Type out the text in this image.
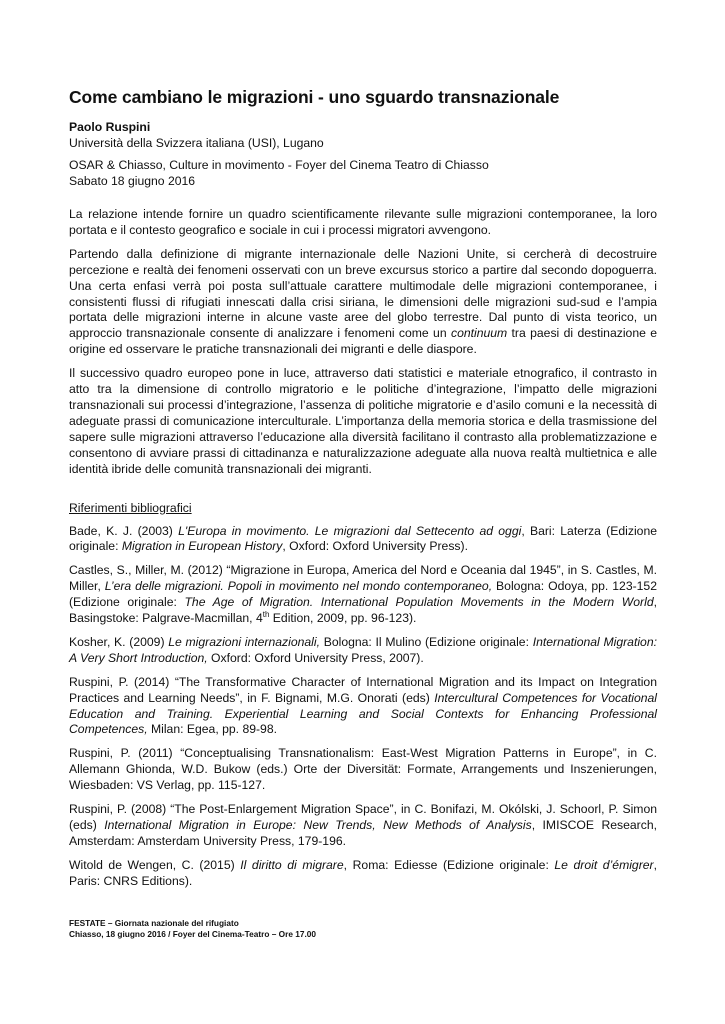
Come cambiano le migrazioni - uno sguardo transnazionale

Paolo Ruspini

Università della Svizzera italiana (USI), Lugano

OSAR & Chiasso, Culture in movimento - Foyer del Cinema Teatro di Chiasso

Sabato 18 giugno 2016

La relazione intende fornire un quadro scientificamente rilevante sulle migrazioni contemporanee, la loro portata e il contesto geografico e sociale in cui i processi migratori avvengono.

Partendo dalla definizione di migrante internazionale delle Nazioni Unite, si cercherà di decostruire percezione e realtà dei fenomeni osservati con un breve excursus storico a partire dal secondo dopoguerra. Una certa enfasi verrà poi posta sull’attuale carattere multimodale delle migrazioni contemporanee, i consistenti flussi di rifugiati innescati dalla crisi siriana, le dimensioni delle migrazioni sud-sud e l’ampia portata delle migrazioni interne in alcune vaste aree del globo terrestre. Dal punto di vista teorico, un approccio transnazionale consente di analizzare i fenomeni come un continuum tra paesi di destinazione e origine ed osservare le pratiche transnazionali dei migranti e delle diaspore.

Il successivo quadro europeo pone in luce, attraverso dati statistici e materiale etnografico, il contrasto in atto tra la dimensione di controllo migratorio e le politiche d’integrazione, l’impatto delle migrazioni transnazionali sui processi d’integrazione, l’assenza di politiche migratorie e d’asilo comuni e la necessità di adeguate prassi di comunicazione interculturale. L’importanza della memoria storica e della trasmissione del sapere sulle migrazioni attraverso l’educazione alla diversità facilitano il contrasto alla problematizzazione e consentono di avviare prassi di cittadinanza e naturalizzazione adeguate alla nuova realtà multietnica e alle identità ibride delle comunità transnazionali dei migranti.

Riferimenti bibliografici

Bade, K. J. (2003) L'Europa in movimento. Le migrazioni dal Settecento ad oggi, Bari: Laterza (Edizione originale: Migration in European History, Oxford: Oxford University Press).

Castles, S., Miller, M. (2012) “Migrazione in Europa, America del Nord e Oceania dal 1945”, in S. Castles, M. Miller, L’era delle migrazioni. Popoli in movimento nel mondo contemporaneo, Bologna: Odoya, pp. 123-152 (Edizione originale: The Age of Migration. International Population Movements in the Modern World, Basingstoke: Palgrave-Macmillan, 4th Edition, 2009, pp. 96-123).

Kosher, K. (2009) Le migrazioni internazionali, Bologna: Il Mulino (Edizione originale: International Migration: A Very Short Introduction, Oxford: Oxford University Press, 2007).

Ruspini, P. (2014) “The Transformative Character of International Migration and its Impact on Integration Practices and Learning Needs”, in F. Bignami, M.G. Onorati (eds) Intercultural Competences for Vocational Education and Training. Experiential Learning and Social Contexts for Enhancing Professional Competences, Milan: Egea, pp. 89-98.

Ruspini, P. (2011) “Conceptualising Transnationalism: East-West Migration Patterns in Europe”, in C. Allemann Ghionda, W.D. Bukow (eds.) Orte der Diversität: Formate, Arrangements und Inszenierungen, Wiesbaden: VS Verlag, pp. 115-127.

Ruspini, P. (2008) “The Post-Enlargement Migration Space”, in C. Bonifazi, M. Okólski, J. Schoorl, P. Simon (eds) International Migration in Europe: New Trends, New Methods of Analysis, IMISCOE Research, Amsterdam: Amsterdam University Press, 179-196.

Witold de Wengen, C. (2015) Il diritto di migrare, Roma: Ediesse (Edizione originale: Le droit d’émigrer, Paris: CNRS Editions).

FESTATE – Giornata nazionale del rifugiato
Chiasso, 18 giugno 2016 / Foyer del Cinema-Teatro – Ore 17.00
